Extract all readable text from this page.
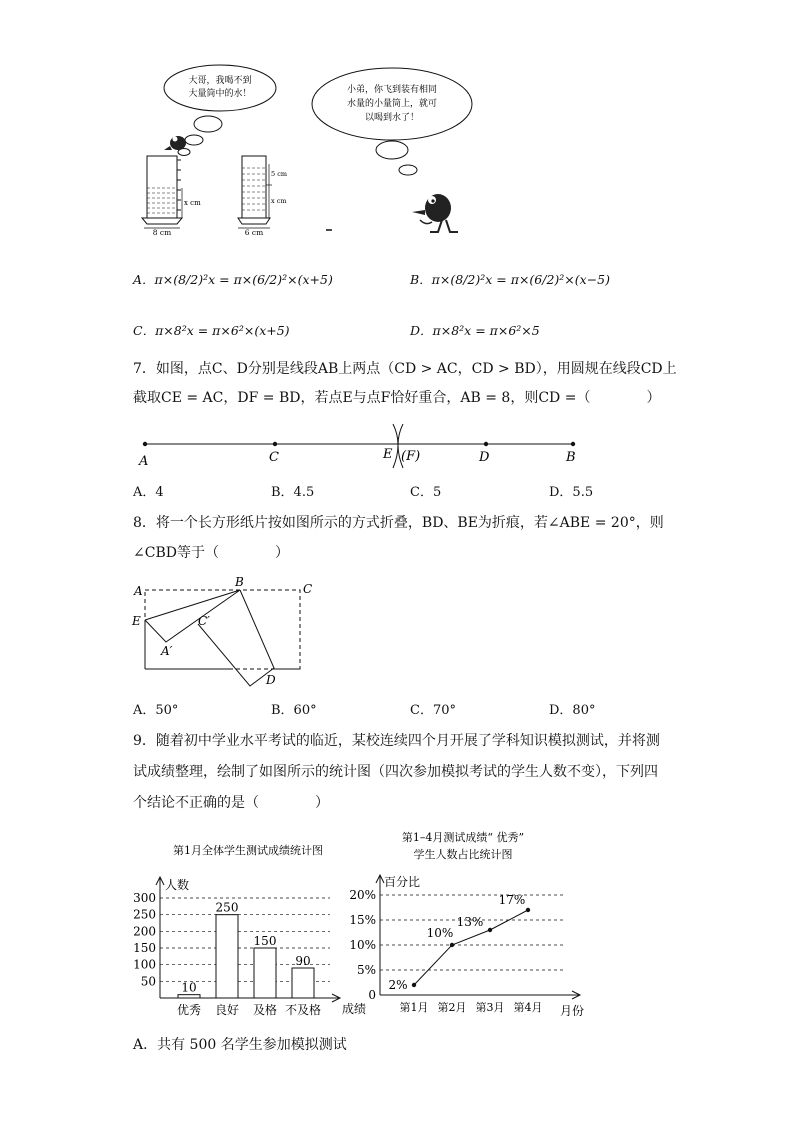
大哥，我喝不到
大量筒中的水！	小弟，你飞到装有相同
水量的小量筒上，就可
以喝到水了！
x cm
8 cm
5 cm
x cm
6 cm
A．π×(8/2)²x = π×(6/2)²×(x+5)	B．π×(8/2)²x = π×(6/2)²×(x−5)
C．π×8²x = π×6²×(x+5)	D．π×8²x = π×6²×5
7．如图，点C、D分别是线段AB上两点（CD > AC，CD > BD），用圆规在线段CD上
截取CE = AC，DF = BD，若点E与点F恰好重合，AB = 8，则CD =（　　　　）
A	C	E (F)	D	B
A．4	B．4.5	C．5	D．5.5
8．将一个长方形纸片按如图所示的方式折叠，BD、BE为折痕，若∠ABE = 20°，则
∠CBD等于（　　　　）
A
B	C
E
A′
C′
D
A．50°	B．60°	C．70°	D．80°
9．随着初中学业水平考试的临近，某校连续四个月开展了学科知识模拟测试，并将测
试成绩整理，绘制了如图所示的统计图（四次参加模拟考试的学生人数不变），下列四
个结论不正确的是（　　　　）
第1月全体学生测试成绩统计图
50
100
150
200
250
300
人数
成绩
10
优秀
250
良好
150
及格
90
不及格
第1–4月测试成绩“ 优秀”
学生人数占比统计图
0
5%
10%
15%
20%
百分比
月份
2%
第1月
10%
第2月
13%
第3月
17%
第4月
A．共有 500 名学生参加模拟测试
